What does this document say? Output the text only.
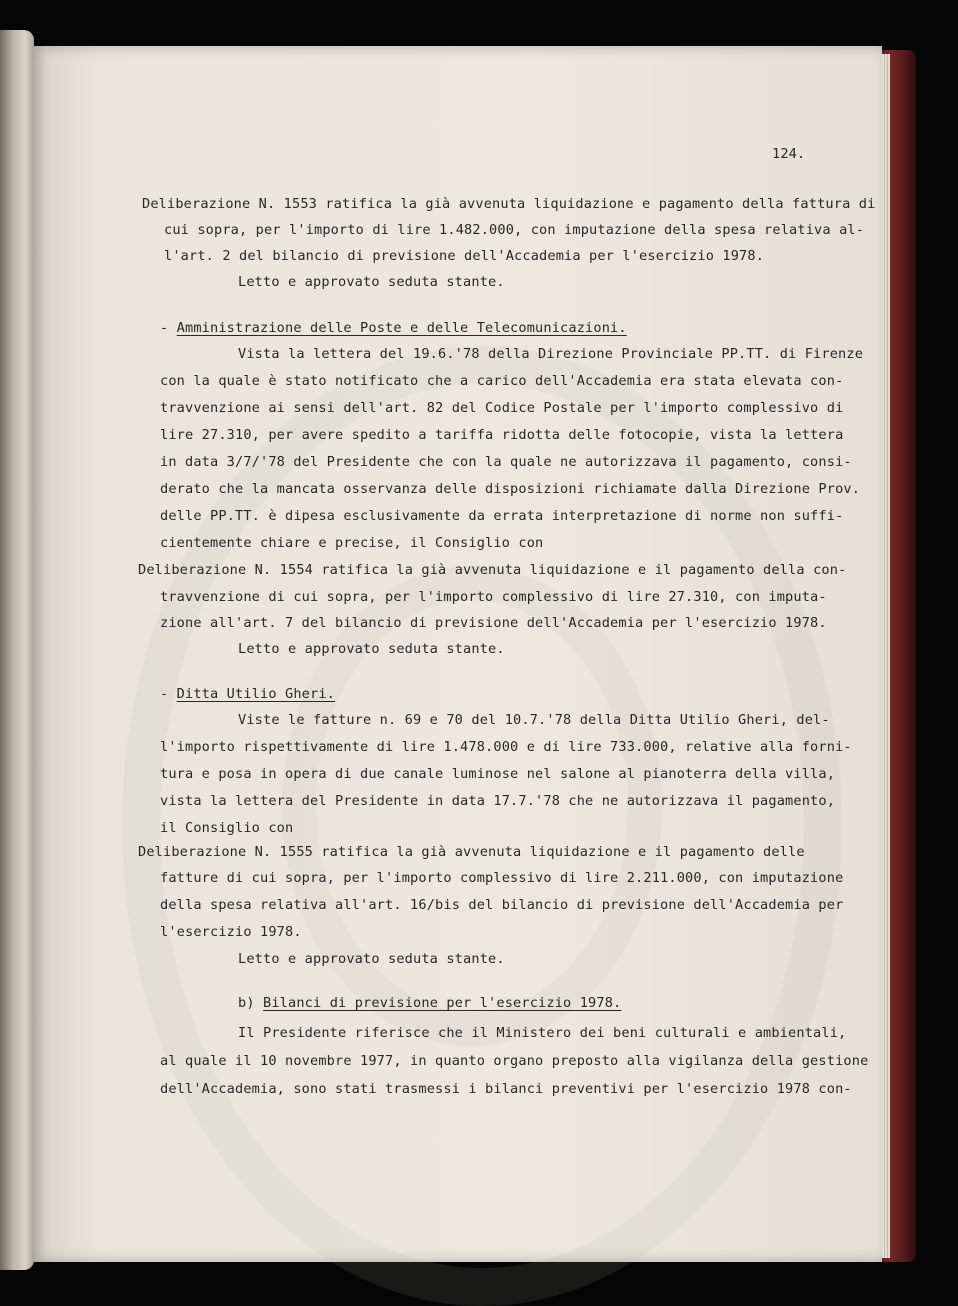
124.
Deliberazione N. 1553 ratifica la già avvenuta liquidazione e pagamento della fattura di
cui sopra, per l'importo di lire 1.482.000, con imputazione della spesa relativa al-
l'art. 2 del bilancio di previsione dell'Accademia per l'esercizio 1978.
Letto e approvato seduta stante.
- Amministrazione delle Poste e delle Telecomunicazioni.
Vista la lettera del 19.6.'78 della Direzione Provinciale PP.TT. di Firenze
con la quale è stato notificato che a carico dell'Accademia era stata elevata con-
travvenzione ai sensi dell'art. 82 del Codice Postale per l'importo complessivo di
lire 27.310, per avere spedito a tariffa ridotta delle fotocopie, vista la lettera
in data 3/7/'78 del Presidente che con la quale ne autorizzava il pagamento, consi-
derato che la mancata osservanza delle disposizioni richiamate dalla Direzione Prov.
delle PP.TT. è dipesa esclusivamente da errata interpretazione di norme non suffi-
cientemente chiare e precise, il Consiglio con
Deliberazione N. 1554 ratifica la già avvenuta liquidazione e il pagamento della con-
travvenzione di cui sopra, per l'importo complessivo di lire 27.310, con imputa-
zione all'art. 7 del bilancio di previsione dell'Accademia per l'esercizio 1978.
Letto e approvato seduta stante.
- Ditta Utilio Gheri.
Viste le fatture n. 69 e 70 del 10.7.'78 della Ditta Utilio Gheri, del-
l'importo rispettivamente di lire 1.478.000 e di lire 733.000, relative alla forni-
tura e posa in opera di due canale luminose nel salone al pianoterra della villa,
vista la lettera del Presidente in data 17.7.'78 che ne autorizzava il pagamento,
il Consiglio con
Deliberazione N. 1555 ratifica la già avvenuta liquidazione e il pagamento delle
fatture di cui sopra, per l'importo complessivo di lire 2.211.000, con imputazione
della spesa relativa all'art. 16/bis del bilancio di previsione dell'Accademia per
l'esercizio 1978.
Letto e approvato seduta stante.
b) Bilanci di previsione per l'esercizio 1978.
Il Presidente riferisce che il Ministero dei beni culturali e ambientali,
al quale il 10 novembre 1977, in quanto organo preposto alla vigilanza della gestione
dell'Accademia, sono stati trasmessi i bilanci preventivi per l'esercizio 1978 con-
